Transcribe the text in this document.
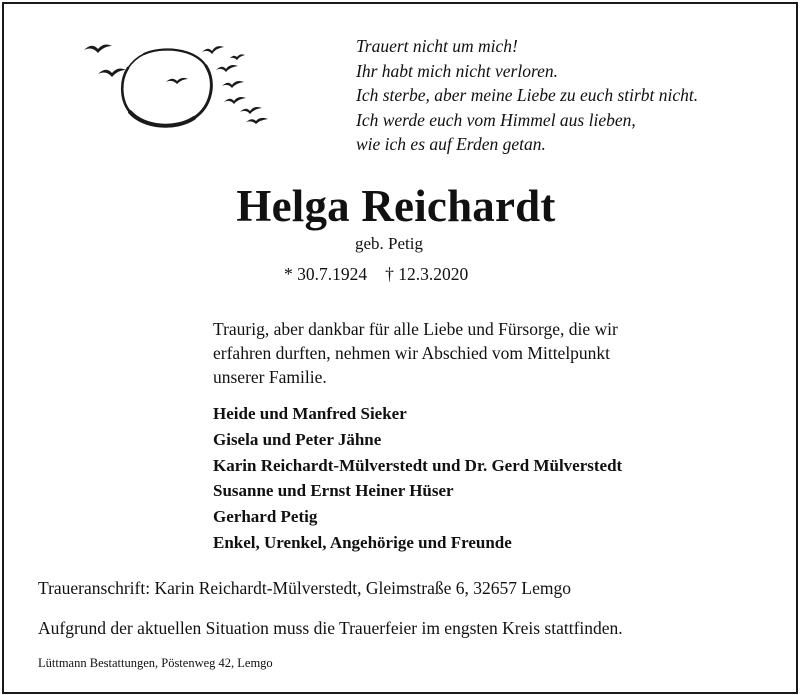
Trauert nicht um mich!
Ihr habt mich nicht verloren.
Ich sterbe, aber meine Liebe zu euch stirbt nicht.
Ich werde euch vom Himmel aus lieben,
wie ich es auf Erden getan.
Helga Reichardt
geb. Petig
* 30.7.1924 † 12.3.2020
Traurig, aber dankbar für alle Liebe und Fürsorge, die wir
erfahren durften, nehmen wir Abschied vom Mittelpunkt
unserer Familie.
Heide und Manfred Sieker
Gisela und Peter Jähne
Karin Reichardt-Mülverstedt und Dr. Gerd Mülverstedt
Susanne und Ernst Heiner Hüser
Gerhard Petig
Enkel, Urenkel, Angehörige und Freunde
Traueranschrift: Karin Reichardt-Mülverstedt, Gleimstraße 6, 32657 Lemgo
Aufgrund der aktuellen Situation muss die Trauerfeier im engsten Kreis stattfinden.
Lüttmann Bestattungen, Pöstenweg 42, Lemgo
